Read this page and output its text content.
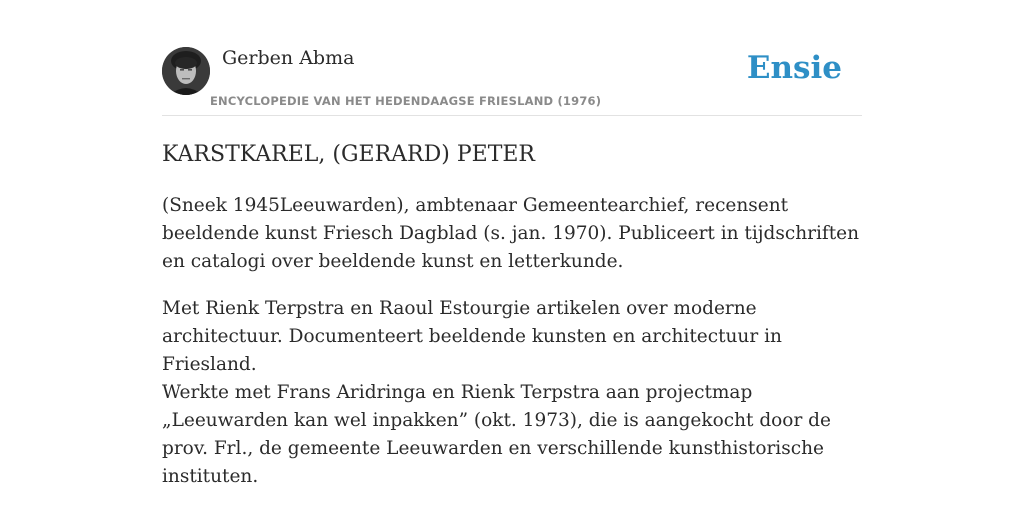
Gerben Abma
ENCYCLOPEDIE VAN HET HEDENDAAGSE FRIESLAND (1976)
Ensie
KARSTKAREL, (GERARD) PETER

(Sneek 1945Leeuwarden), ambtenaar Gemeentearchief, recensent beeldende kunst Friesch Dagblad (s. jan. 1970). Publiceert in tijdschriften en catalogi over beeldende kunst en letterkunde.

Met Rienk Terpstra en Raoul Estourgie artikelen over moderne architectuur. Documenteert beeldende kunsten en architectuur in Friesland.

Werkte met Frans Aridringa en Rienk Terpstra aan projectmap „Leeuwarden kan wel inpakken” (okt. 1973), die is aangekocht door de prov. Frl., de gemeente Leeuwarden en verschillende kunsthistorische instituten.
